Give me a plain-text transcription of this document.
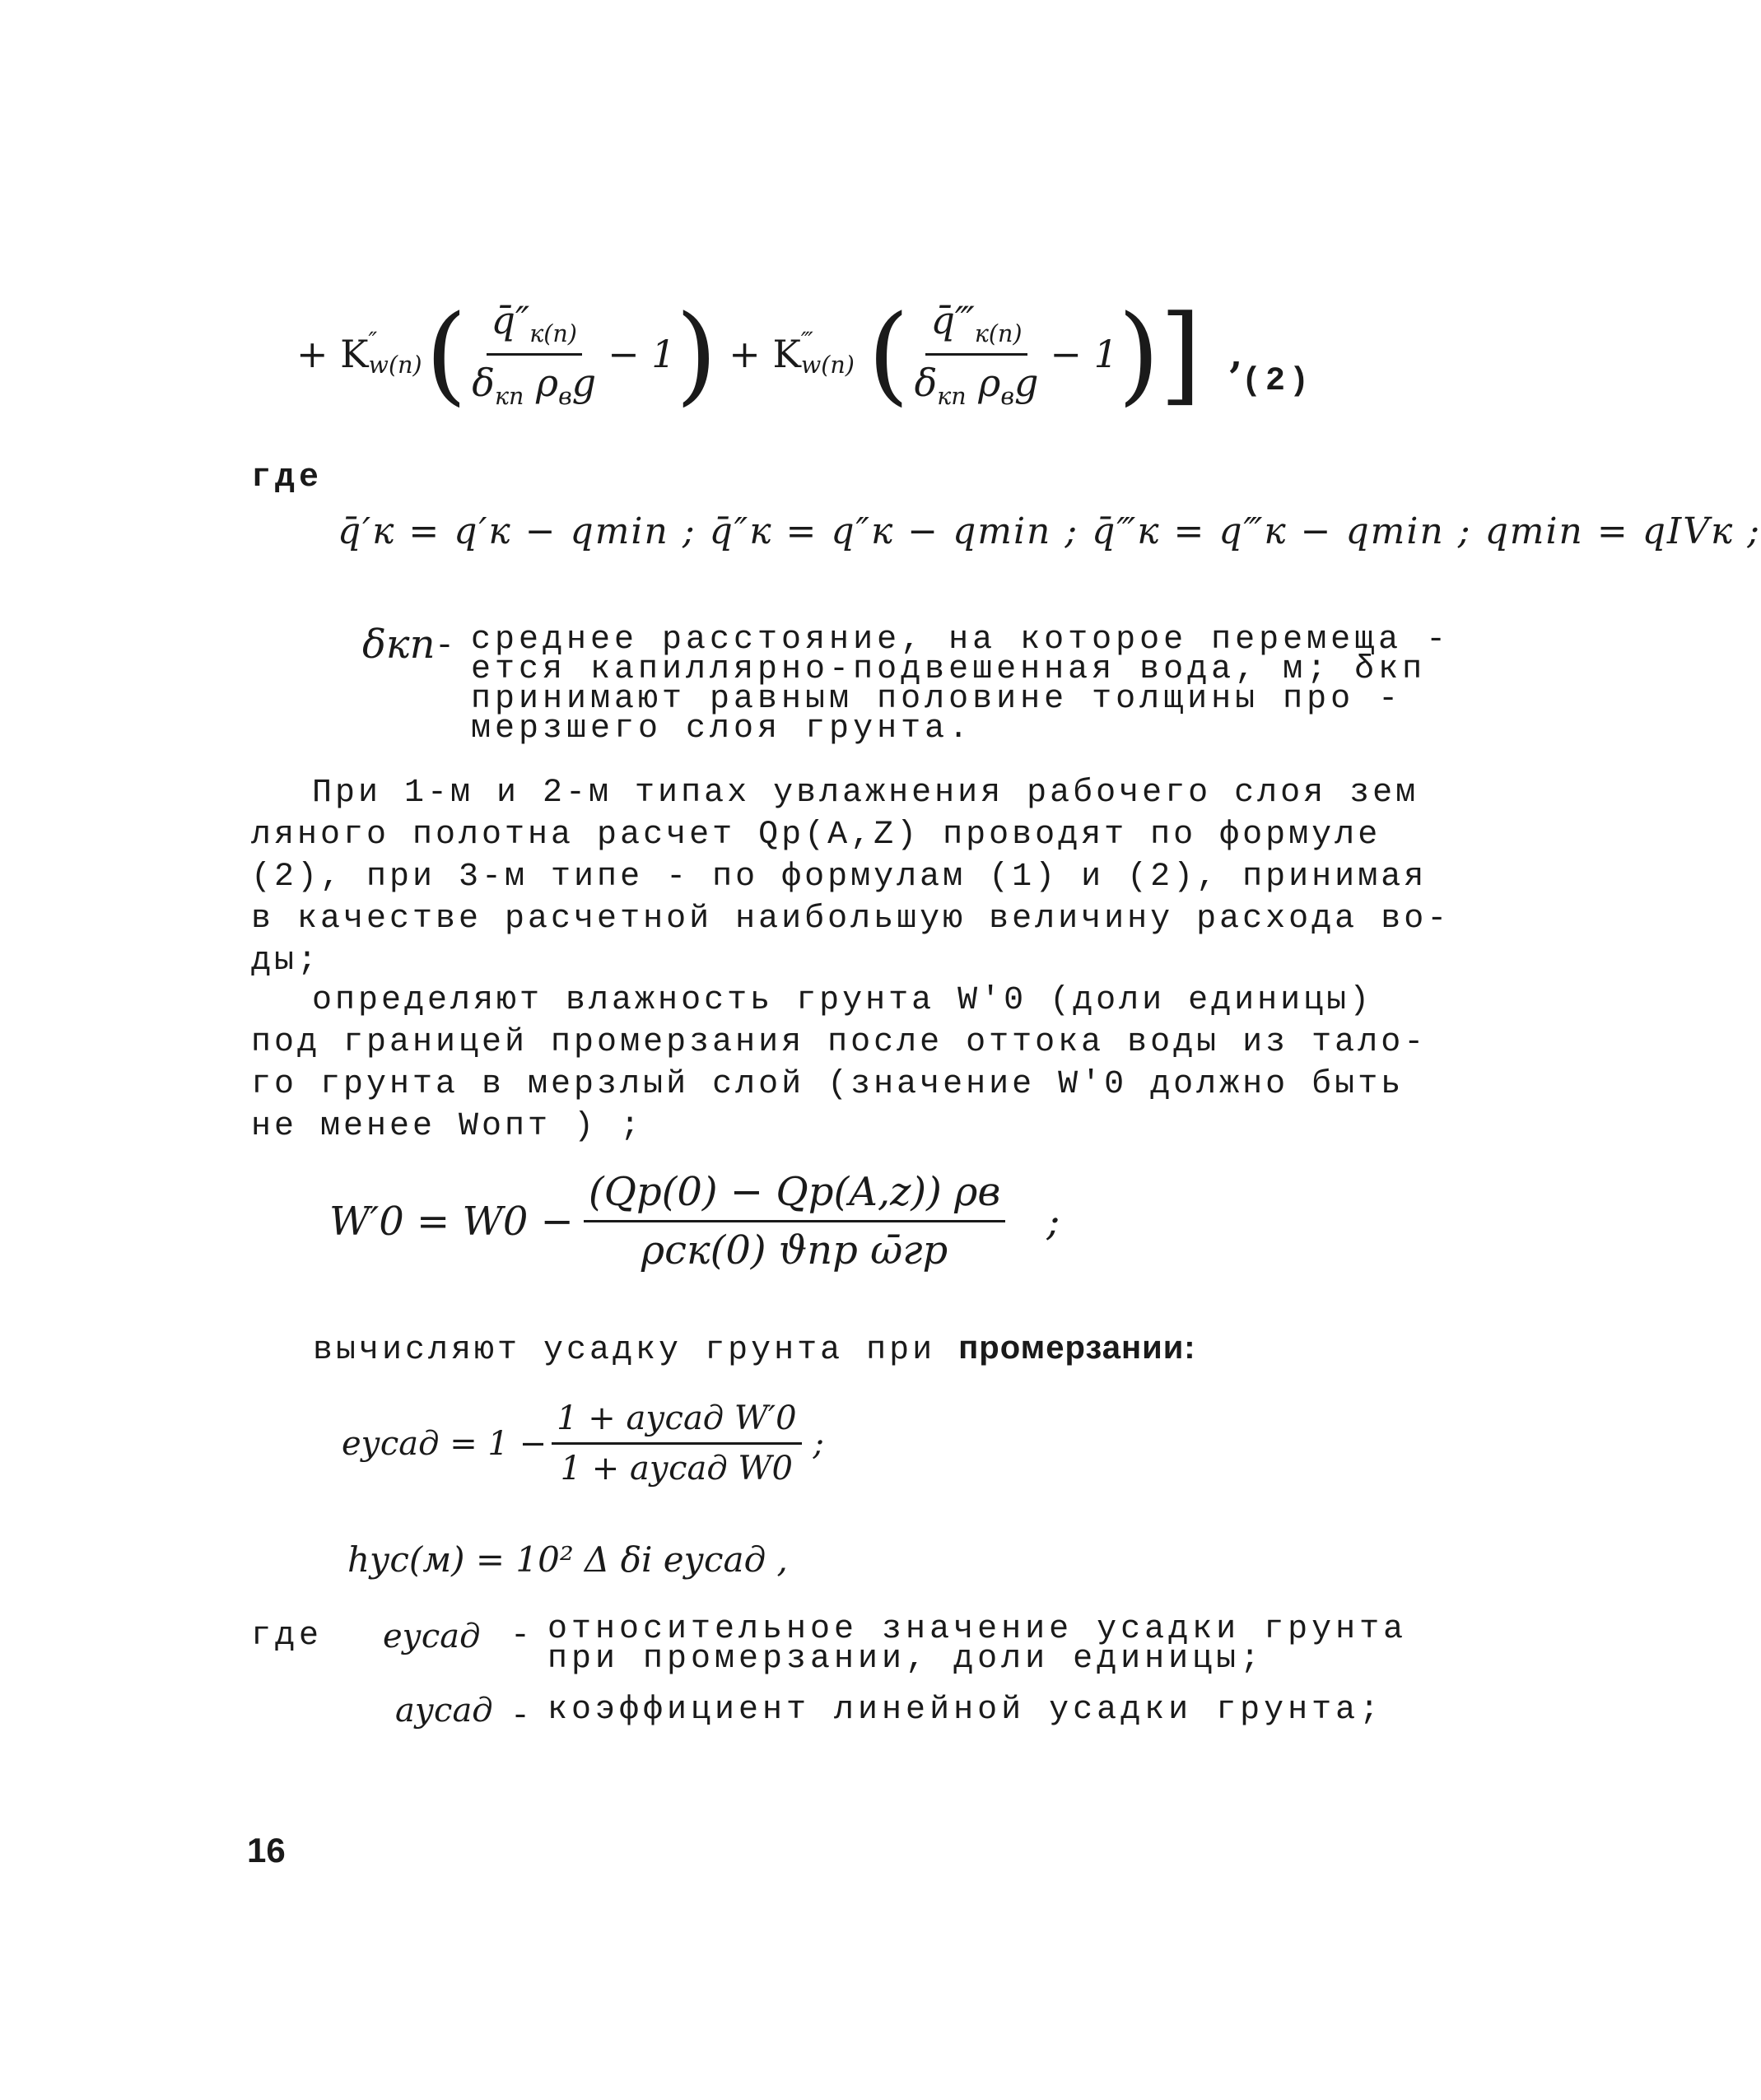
+ K ″
w(n) ( $\frac{q̄''_{к(n)}}{\delta_{кп} \rho_вg} - 1$ ) + K ‴
w(n) ( $\frac{q̄‴_{к(n)}}{\delta_{кп} \rho_вg} - 1$ ) ] ,
(2)
где
q̄′к = q′к − qmin ; q̄″к = q″к − qmin ; q̄‴к = q‴к − qmin ; qmin = qIVк ;
δкп - среднее расстояние, на которое перемеща -
ется капиллярно-подвешенная вода, м; δкп
принимают равным половине толщины про -
мерзшего слоя грунта.
При 1-м и 2-м типах увлажнения рабочего слоя зем
ляного полотна расчет Qp(A,Z) проводят по формуле
(2), при 3-м типе - по формулам (1) и (2), принимая
в качестве расчетной наибольшую величину расхода во-
ды;
определяют влажность грунта W′0 (доли единицы)
под границей промерзания после оттока воды из тало-
го грунта в мерзлый слой (значение W′0 должно быть
не менее Wопт ) ;
$W'0 = W0 - \frac{(Qp(0) - Qp(A,z)) \rho в}{\text{ρск(0) ϑпр ω̄гр}}$ ;
вычисляют усадку грунта при промерзании:
eусад = $1 - \frac{\text{1 + aусад W′0}}{\text{1 + aусад W0}}$ ;
hус(м) = 10² Δ δi eусад ,
где eусад - относительное значение усадки грунта
при промерзании, доли единицы;
aусад - коэффициент линейной усадки грунта;
16
